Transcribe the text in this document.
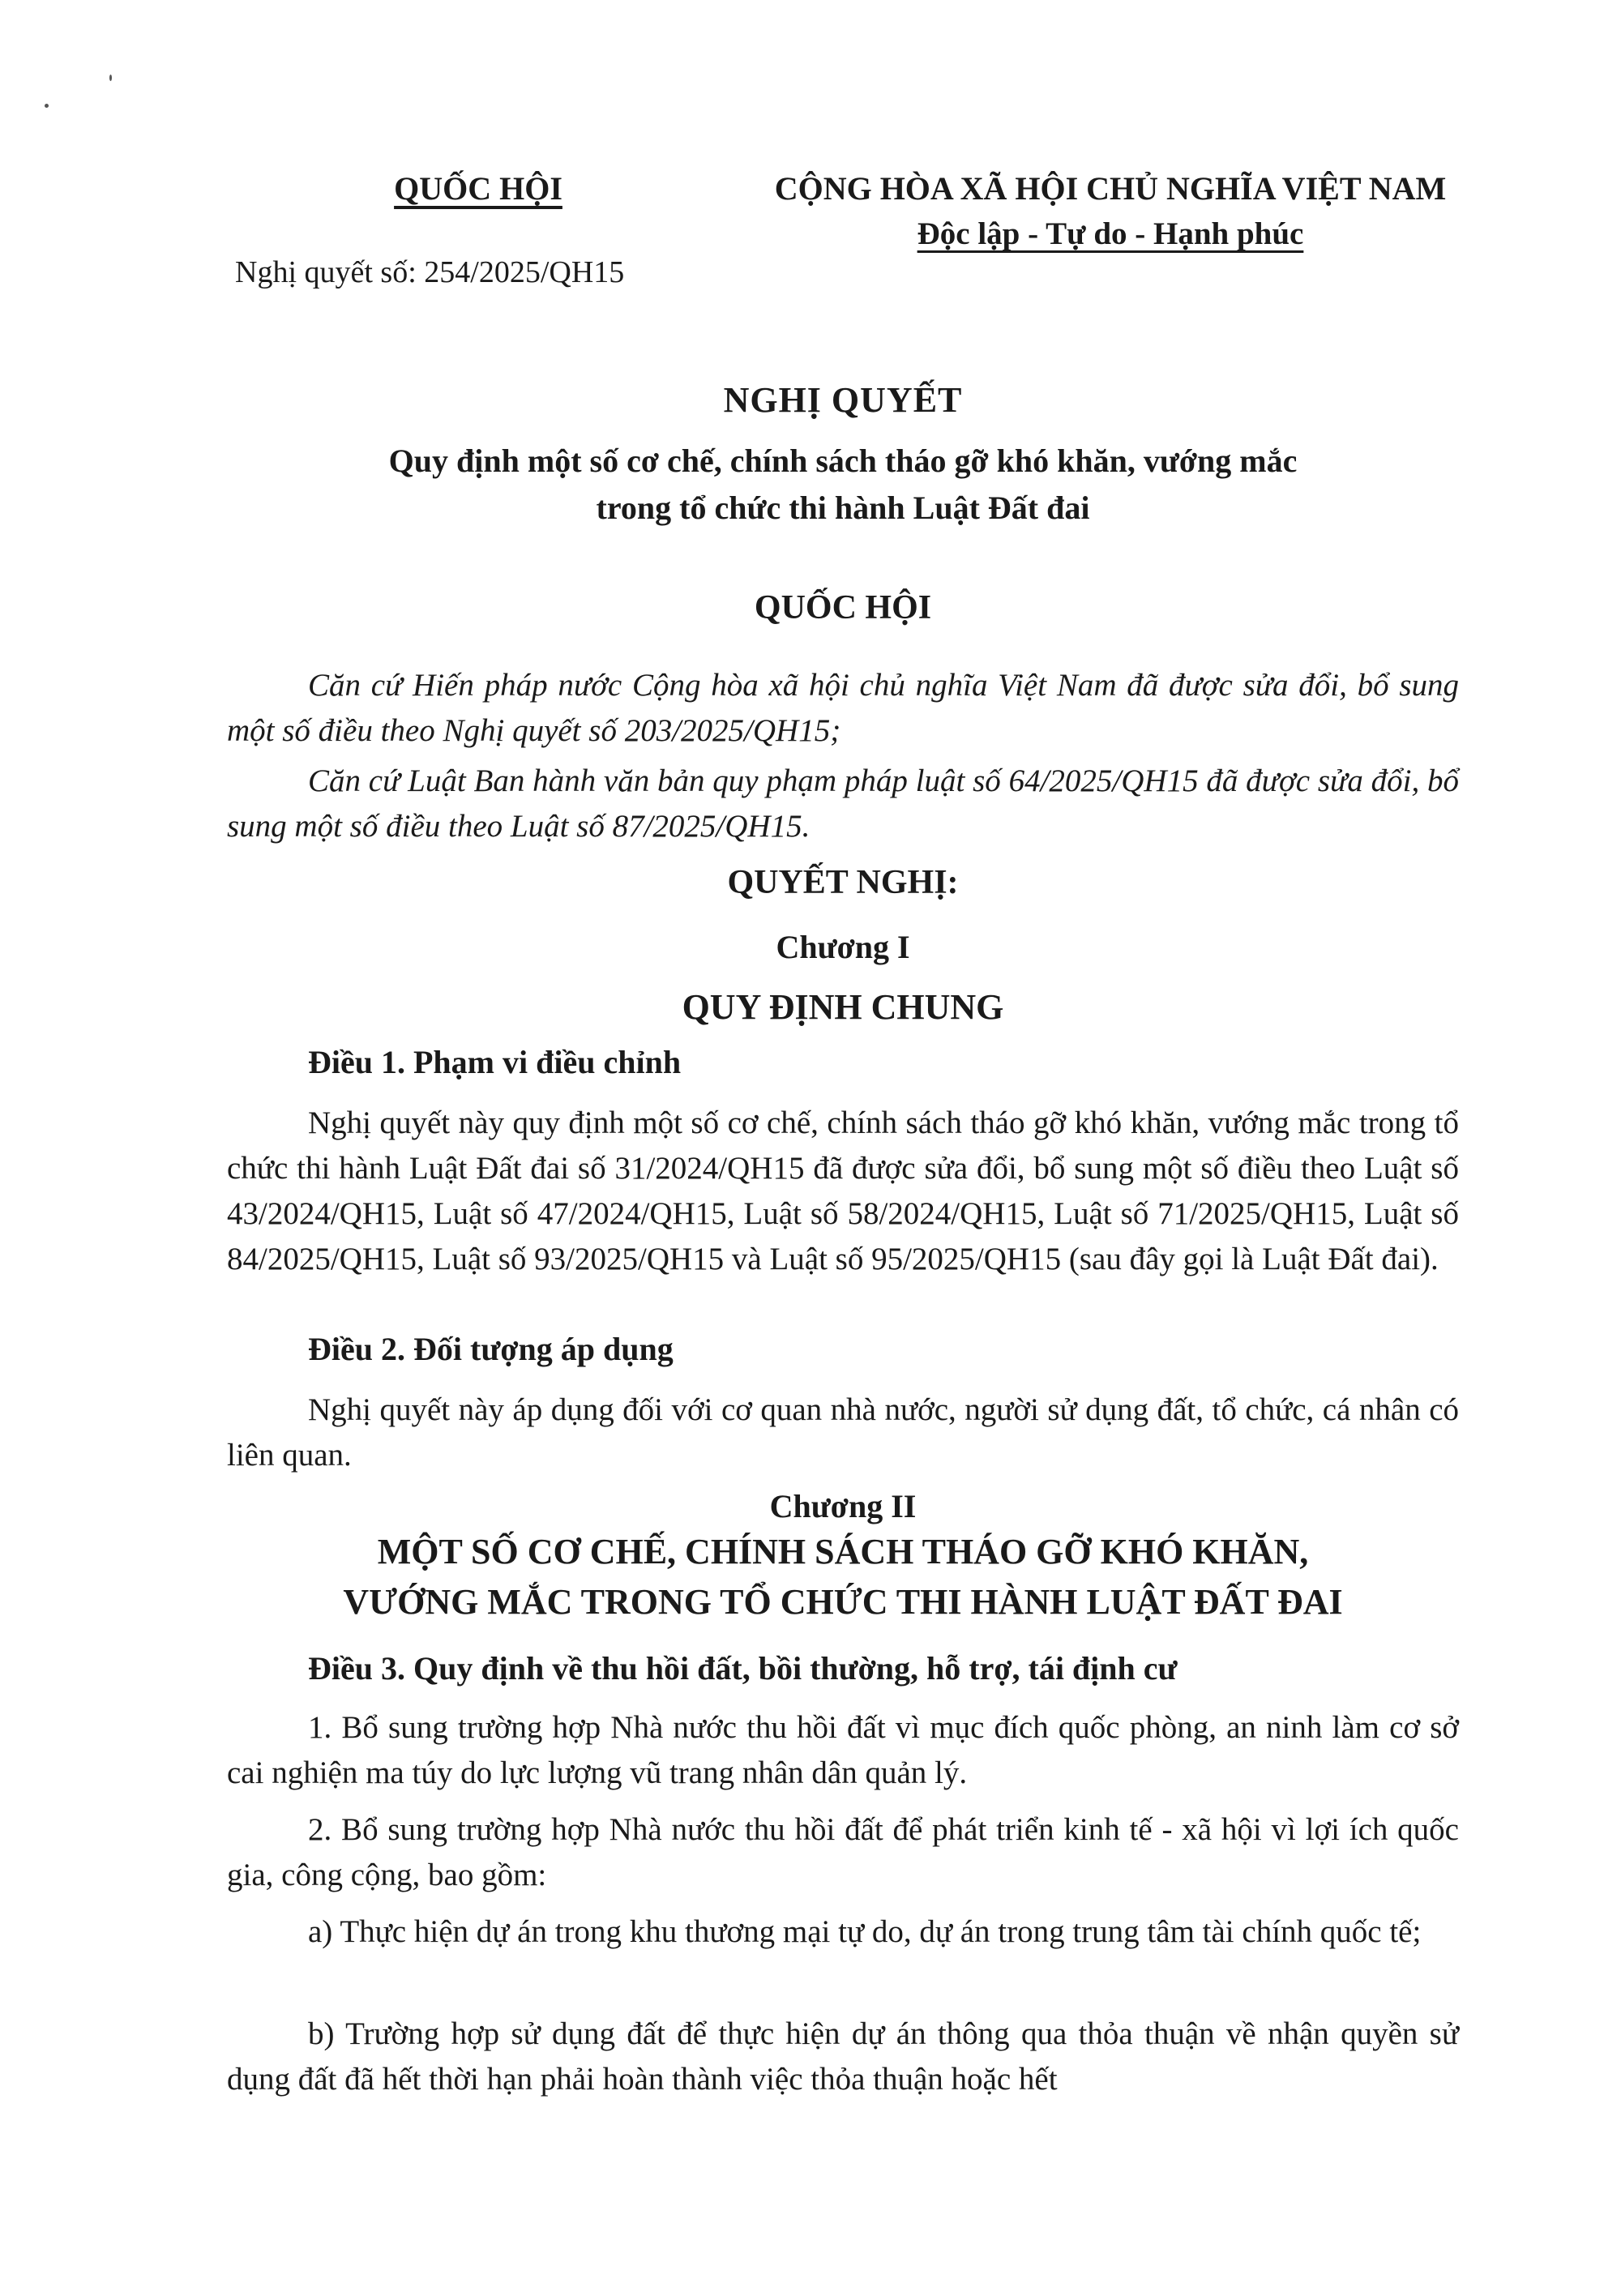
QUỐC HỘI
Nghị quyết số: 254/2025/QH15
CỘNG HÒA XÃ HỘI CHỦ NGHĨA VIỆT NAM
Độc lập - Tự do - Hạnh phúc
NGHỊ QUYẾT
Quy định một số cơ chế, chính sách tháo gỡ khó khăn, vướng mắc
trong tổ chức thi hành Luật Đất đai
QUỐC HỘI
Căn cứ Hiến pháp nước Cộng hòa xã hội chủ nghĩa Việt Nam đã được sửa đổi, bổ sung một số điều theo Nghị quyết số 203/2025/QH15;
Căn cứ Luật Ban hành văn bản quy phạm pháp luật số 64/2025/QH15 đã được sửa đổi, bổ sung một số điều theo Luật số 87/2025/QH15.
QUYẾT NGHỊ:
Chương I
QUY ĐỊNH CHUNG
Điều 1. Phạm vi điều chỉnh
Nghị quyết này quy định một số cơ chế, chính sách tháo gỡ khó khăn, vướng mắc trong tổ chức thi hành Luật Đất đai số 31/2024/QH15 đã được sửa đổi, bổ sung một số điều theo Luật số 43/2024/QH15, Luật số 47/2024/QH15, Luật số 58/2024/QH15, Luật số 71/2025/QH15, Luật số 84/2025/QH15, Luật số 93/2025/QH15 và Luật số 95/2025/QH15 (sau đây gọi là Luật Đất đai).
Điều 2. Đối tượng áp dụng
Nghị quyết này áp dụng đối với cơ quan nhà nước, người sử dụng đất, tổ chức, cá nhân có liên quan.
Chương II
MỘT SỐ CƠ CHẾ, CHÍNH SÁCH THÁO GỠ KHÓ KHĂN,
VƯỚNG MẮC TRONG TỔ CHỨC THI HÀNH LUẬT ĐẤT ĐAI
Điều 3. Quy định về thu hồi đất, bồi thường, hỗ trợ, tái định cư
1. Bổ sung trường hợp Nhà nước thu hồi đất vì mục đích quốc phòng, an ninh làm cơ sở cai nghiện ma túy do lực lượng vũ trang nhân dân quản lý.
2. Bổ sung trường hợp Nhà nước thu hồi đất để phát triển kinh tế - xã hội vì lợi ích quốc gia, công cộng, bao gồm:
a) Thực hiện dự án trong khu thương mại tự do, dự án trong trung tâm tài chính quốc tế;
b) Trường hợp sử dụng đất để thực hiện dự án thông qua thỏa thuận về nhận quyền sử dụng đất đã hết thời hạn phải hoàn thành việc thỏa thuận hoặc hết
